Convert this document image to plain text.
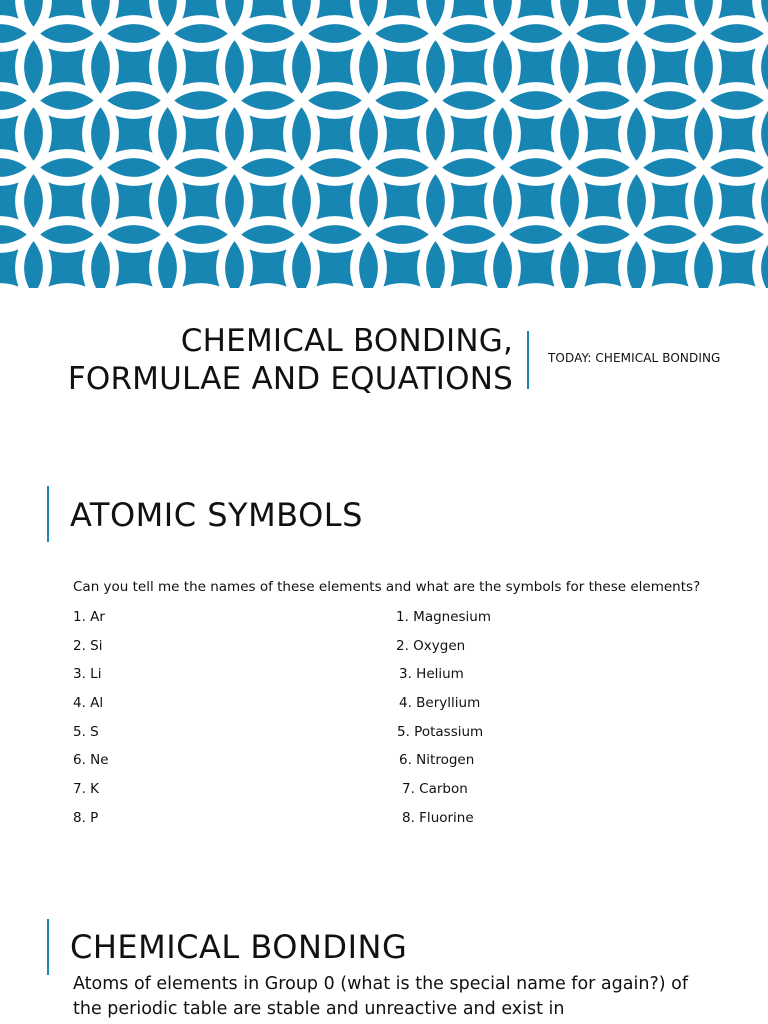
CHEMICAL BONDING,
FORMULAE AND EQUATIONS
TODAY: CHEMICAL BONDING
ATOMIC SYMBOLS
Can you tell me the names of these elements and what are the symbols for these elements?
1. Ar
2. Si
3. Li
4. Al
5. S
6. Ne
7. K
8. P
1. Magnesium
2. Oxygen
3. Helium
4. Beryllium
5. Potassium
6. Nitrogen
7. Carbon
8. Fluorine
CHEMICAL BONDING
Atoms of elements in Group 0 (what is the special name for again?) of the periodic table are stable and unreactive and exist in
